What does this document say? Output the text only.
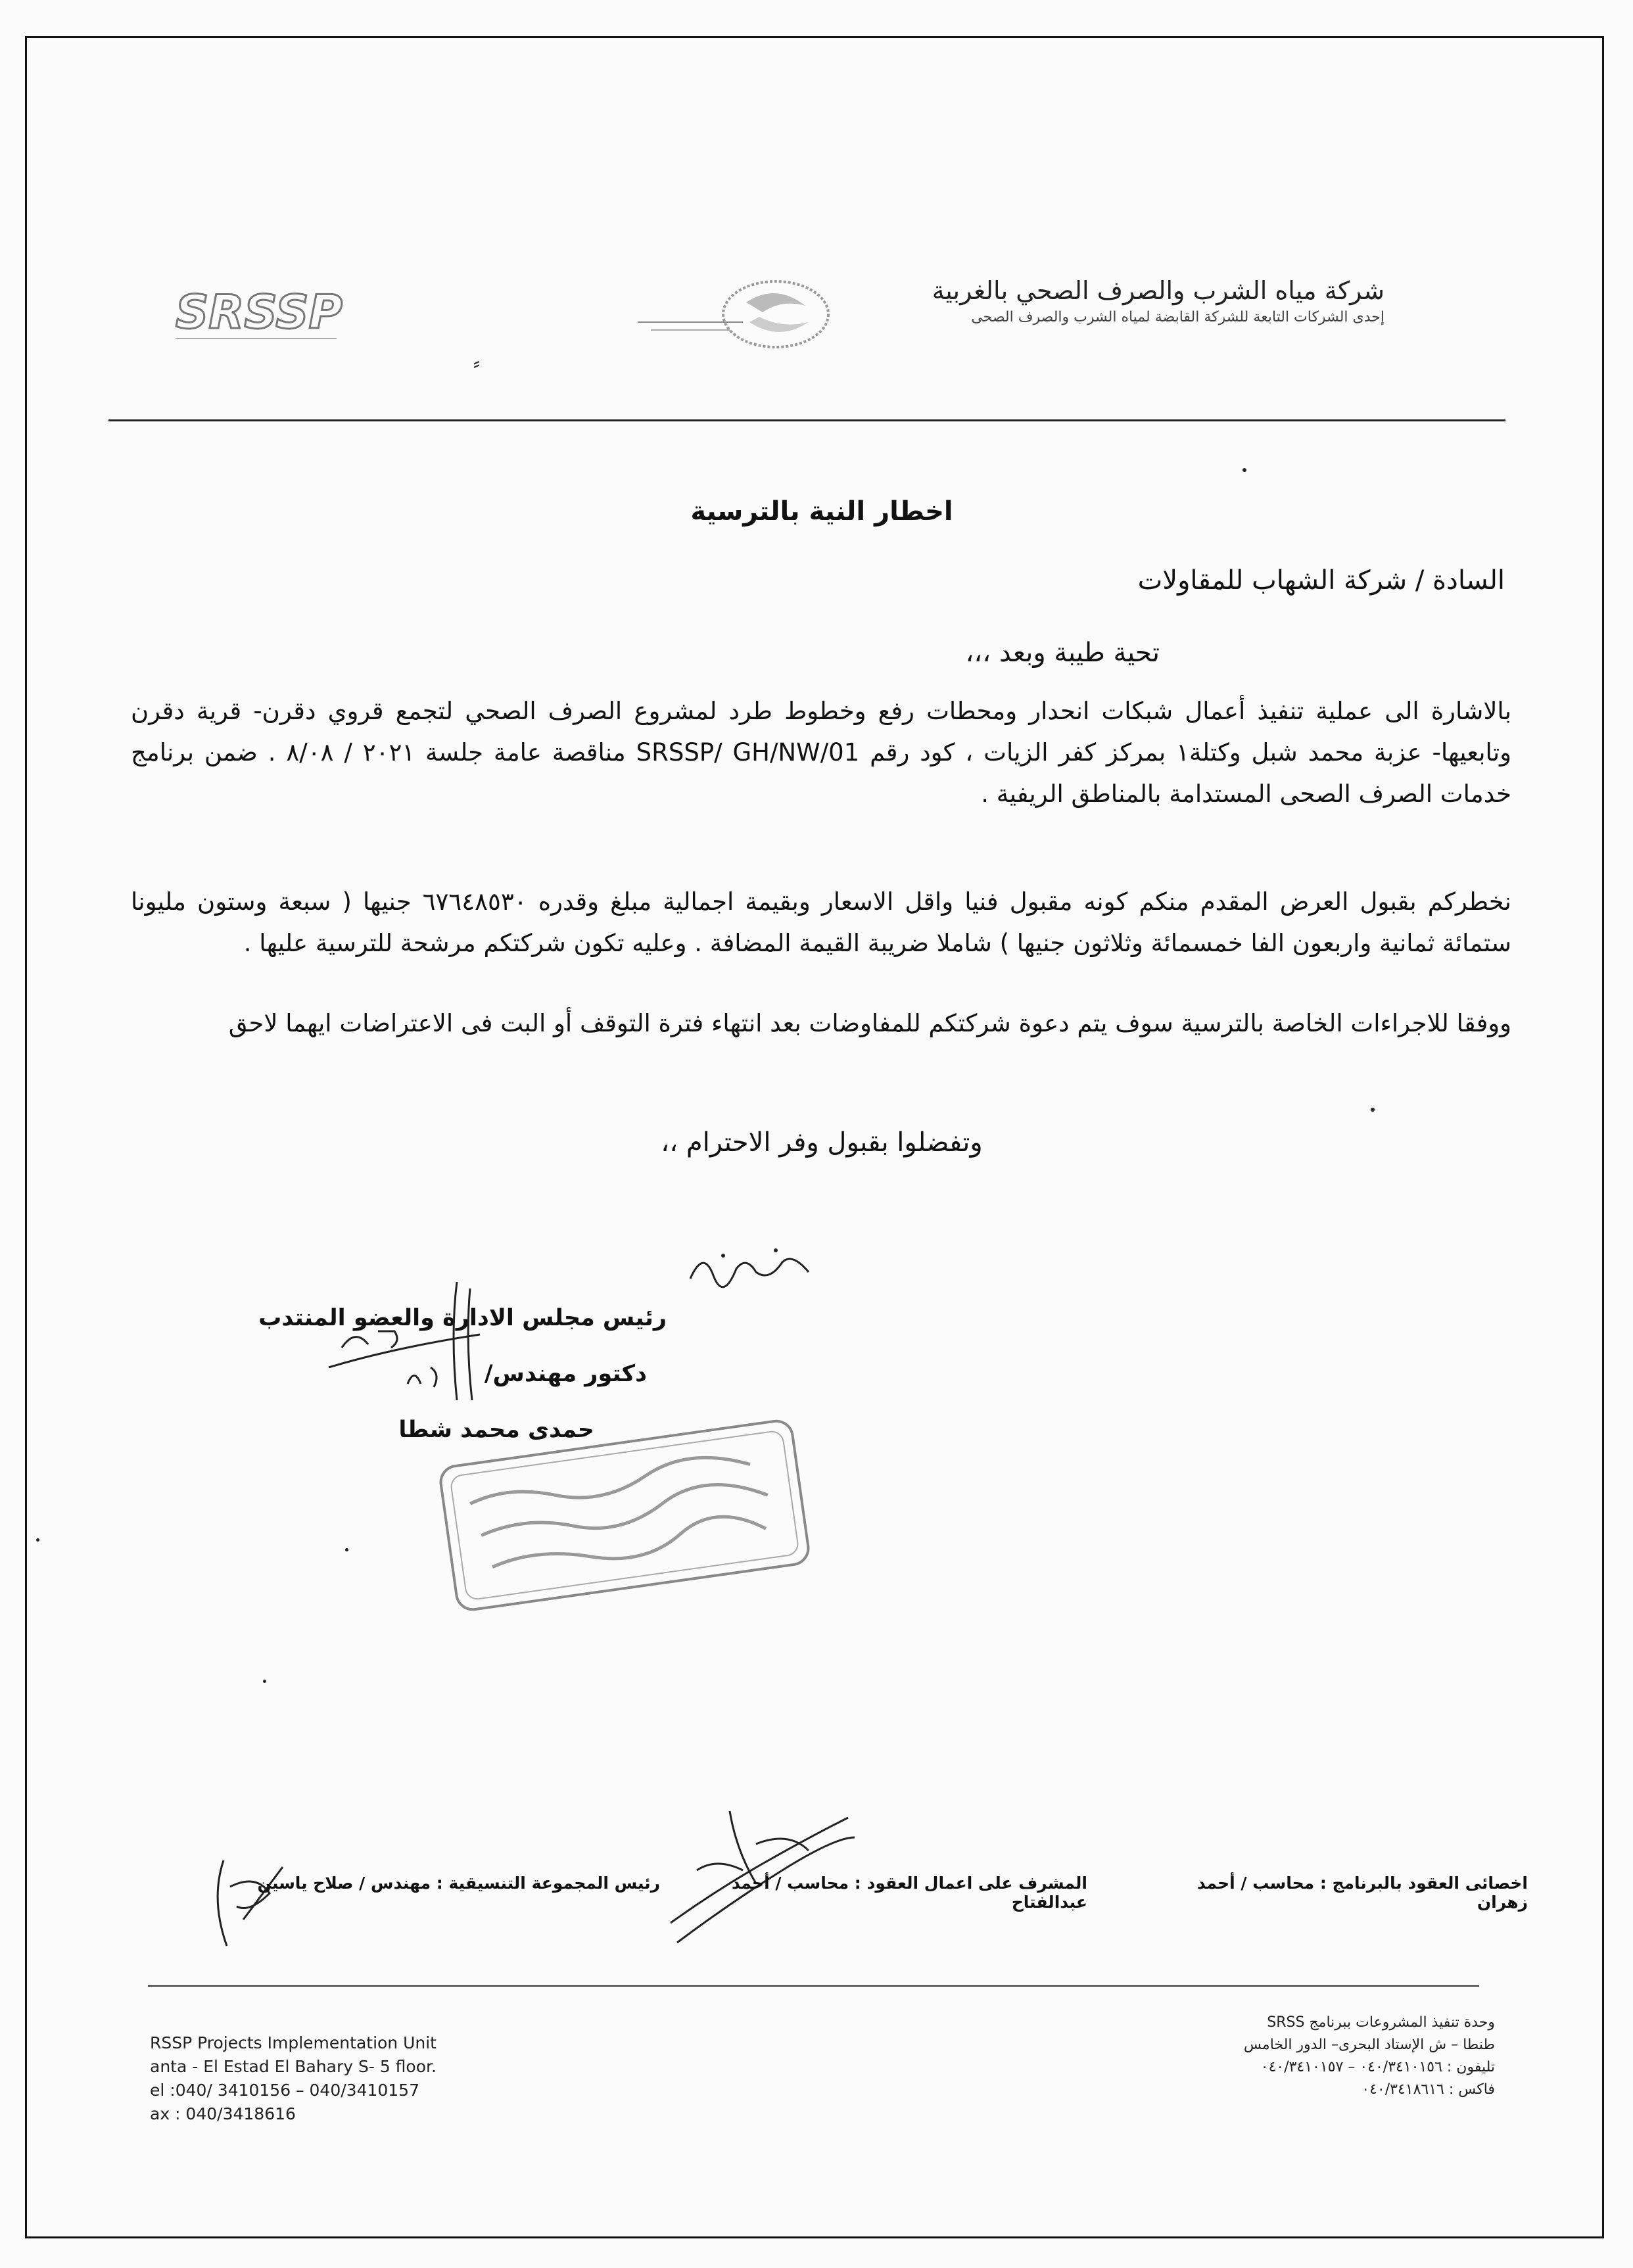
SRSSP	شركة مياه الشرب والصرف الصحي بالغربية
إحدى الشركات التابعة للشركة القابضة لمياه الشرب والصرف الصحى
⸗
اخطار النية بالترسية
السادة / شركة الشهاب للمقاولات
تحية طيبة وبعد ،،،
بالاشارة الى عملية تنفيذ أعمال شبكات انحدار ومحطات رفع وخطوط طرد لمشروع الصرف الصحي لتجمع قروي دقرن- قرية دقرن وتابعيها- عزبة محمد شبل وكتلة١ بمركز كفر الزيات ، كود رقم SRSSP/ GH/NW/01 مناقصة عامة جلسة ٢٠٢١ / ٨/٠٨ . ضمن برنامج خدمات الصرف الصحى المستدامة بالمناطق الريفية .
نخطركم بقبول العرض المقدم منكم كونه مقبول فنيا واقل الاسعار وبقيمة اجمالية مبلغ وقدره ٦٧٦٤٨٥٣٠ جنيها ( سبعة وستون مليونا ستمائة ثمانية واربعون الفا خمسمائة وثلاثون جنيها ) شاملا ضريبة القيمة المضافة . وعليه تكون شركتكم مرشحة للترسية عليها .
ووفقا للاجراءات الخاصة بالترسية سوف يتم دعوة شركتكم للمفاوضات بعد انتهاء فترة التوقف أو البت فى الاعتراضات ايهما لاحق
وتفضلوا بقبول وفر الاحترام ،،
رئيس مجلس الادارة والعضو المنتدب
دكتور مهندس/
حمدى محمد شطا
اخصائى العقود بالبرنامج : محاسب / أحمد زهران
المشرف على اعمال العقود : محاسب / أحمد عبدالفتاح
رئيس المجموعة التنسيقية : مهندس / صلاح ياسين
RSSP Projects Implementation Unit
anta - El Estad El Bahary S- 5 floor.
el :040/ 3410156 – 040/3410157
ax : 040/3418616
وحدة تنفيذ المشروعات ببرنامج SRSS
طنطا – ش الإستاد البحرى– الدور الخامس
تليفون : ٠٤٠/٣٤١٠١٥٦ – ٠٤٠/٣٤١٠١٥٧
فاكس : ٠٤٠/٣٤١٨٦١٦
